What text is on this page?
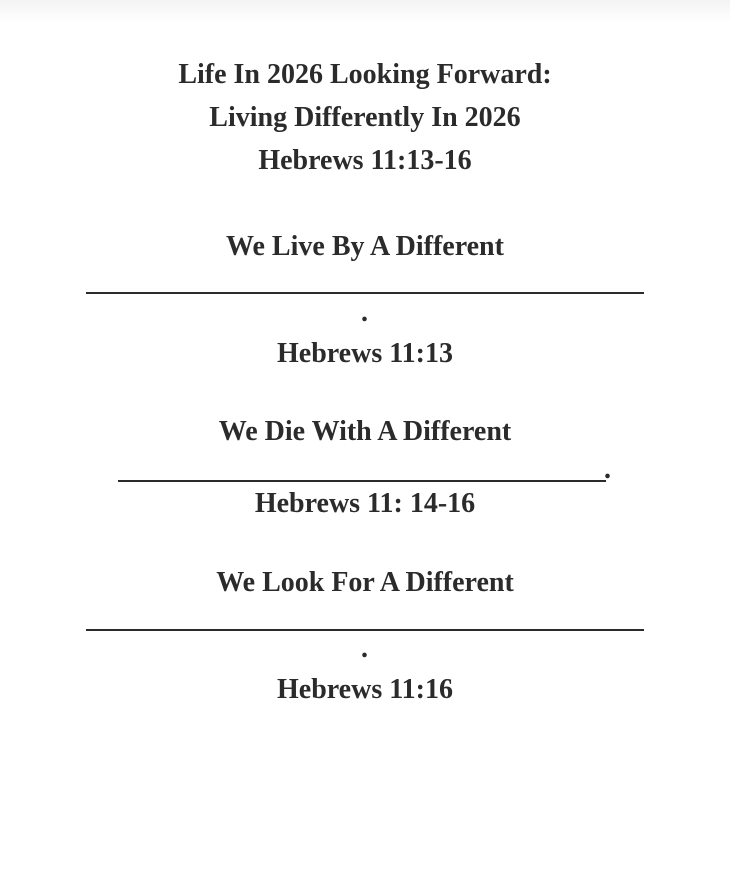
Life In 2026 Looking Forward:
Living Differently In 2026
Hebrews 11:13-16
We Live By A Different
.
Hebrews 11:13
We Die With A Different
.
Hebrews 11: 14-16
We Look For A Different
.
Hebrews 11:16
